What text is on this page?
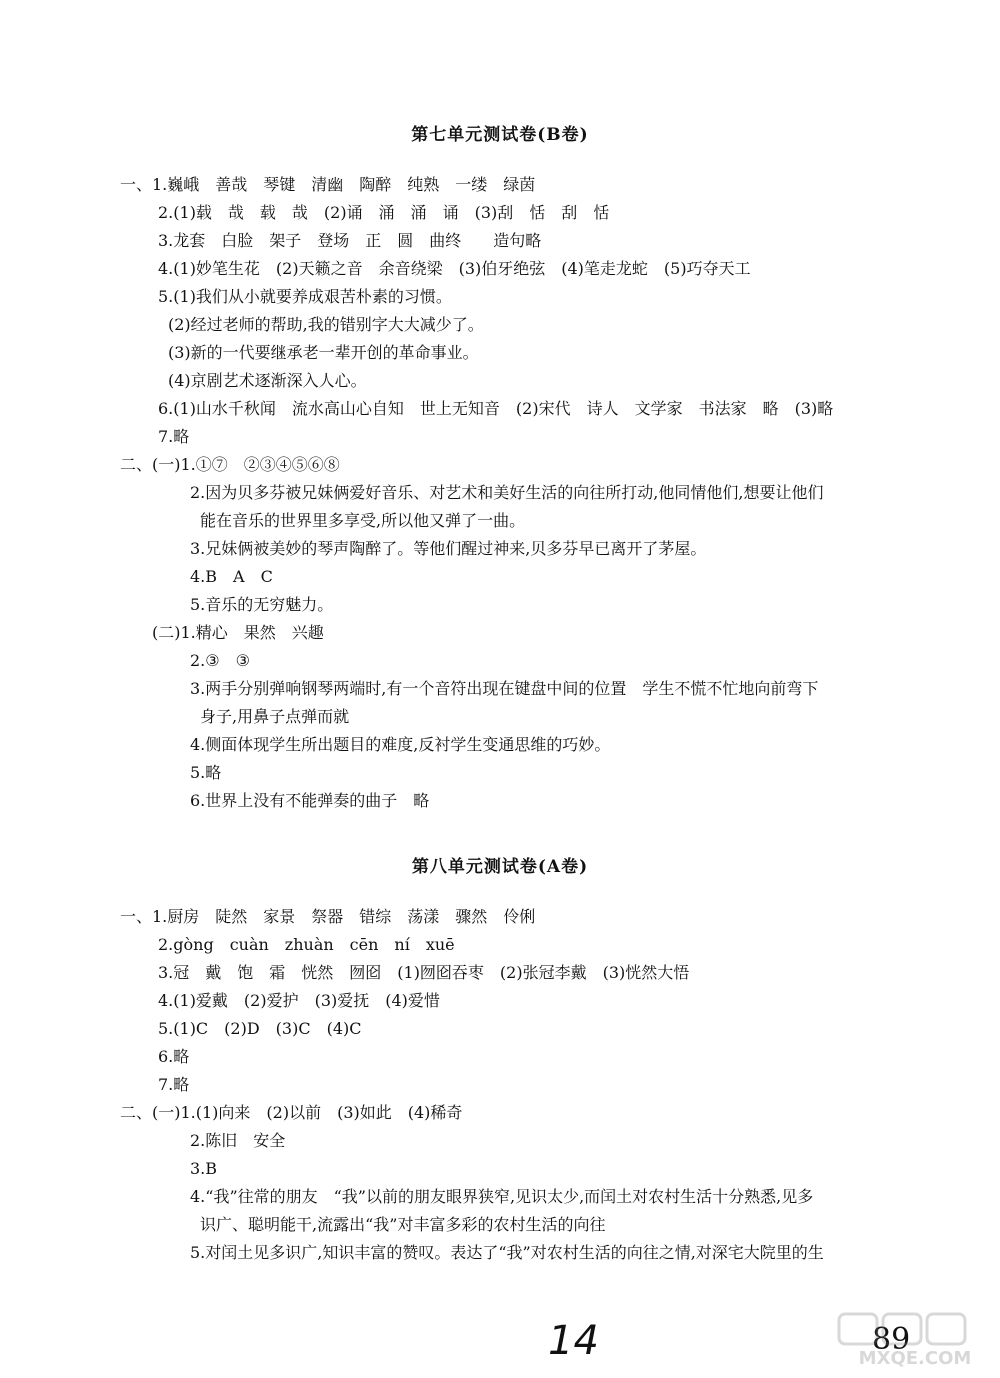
第七单元测试卷(B卷)
一、1.巍峨　善哉　琴键　清幽　陶醉　纯熟　一缕　绿茵
2.(1)载　哉　载　哉　(2)诵　涌　涌　诵　(3)刮　恬　刮　恬
3.龙套　白脸　架子　登场　正　圆　曲终　　造句略
4.(1)妙笔生花　(2)天籁之音　余音绕梁　(3)伯牙绝弦　(4)笔走龙蛇　(5)巧夺天工
5.(1)我们从小就要养成艰苦朴素的习惯。
(2)经过老师的帮助,我的错别字大大减少了。
(3)新的一代要继承老一辈开创的革命事业。
(4)京剧艺术逐渐深入人心。
6.(1)山水千秋闻　流水高山心自知　世上无知音　(2)宋代　诗人　文学家　书法家　略　(3)略
7.略
二、(一)1.①⑦　②③④⑤⑥⑧
2.因为贝多芬被兄妹俩爱好音乐、对艺术和美好生活的向往所打动,他同情他们,想要让他们
能在音乐的世界里多享受,所以他又弹了一曲。
3.兄妹俩被美妙的琴声陶醉了。等他们醒过神来,贝多芬早已离开了茅屋。
4.B　A　C
5.音乐的无穷魅力。
(二)1.精心　果然　兴趣
2.③　③
3.两手分别弹响钢琴两端时,有一个音符出现在键盘中间的位置　学生不慌不忙地向前弯下
身子,用鼻子点弹而就
4.侧面体现学生所出题目的难度,反衬学生变通思维的巧妙。
5.略
6.世界上没有不能弹奏的曲子　略
第八单元测试卷(A卷)
一、1.厨房　陡然　家景　祭器　错综　荡漾　骤然　伶俐
2.gòng　cuàn　zhuàn　cēn　ní　xuē
3.冠　戴　饱　霜　恍然　囫囵　(1)囫囵吞枣　(2)张冠李戴　(3)恍然大悟
4.(1)爱戴　(2)爱护　(3)爱抚　(4)爱惜
5.(1)C　(2)D　(3)C　(4)C
6.略
7.略
二、(一)1.(1)向来　(2)以前　(3)如此　(4)稀奇
2.陈旧　安全
3.B
4.“我”往常的朋友　“我”以前的朋友眼界狭窄,见识太少,而闰土对农村生活十分熟悉,见多
识广、聪明能干,流露出“我”对丰富多彩的农村生活的向往
5.对闰土见多识广,知识丰富的赞叹。表达了“我”对农村生活的向往之情,对深宅大院里的生
14	89
MXQE.COM
